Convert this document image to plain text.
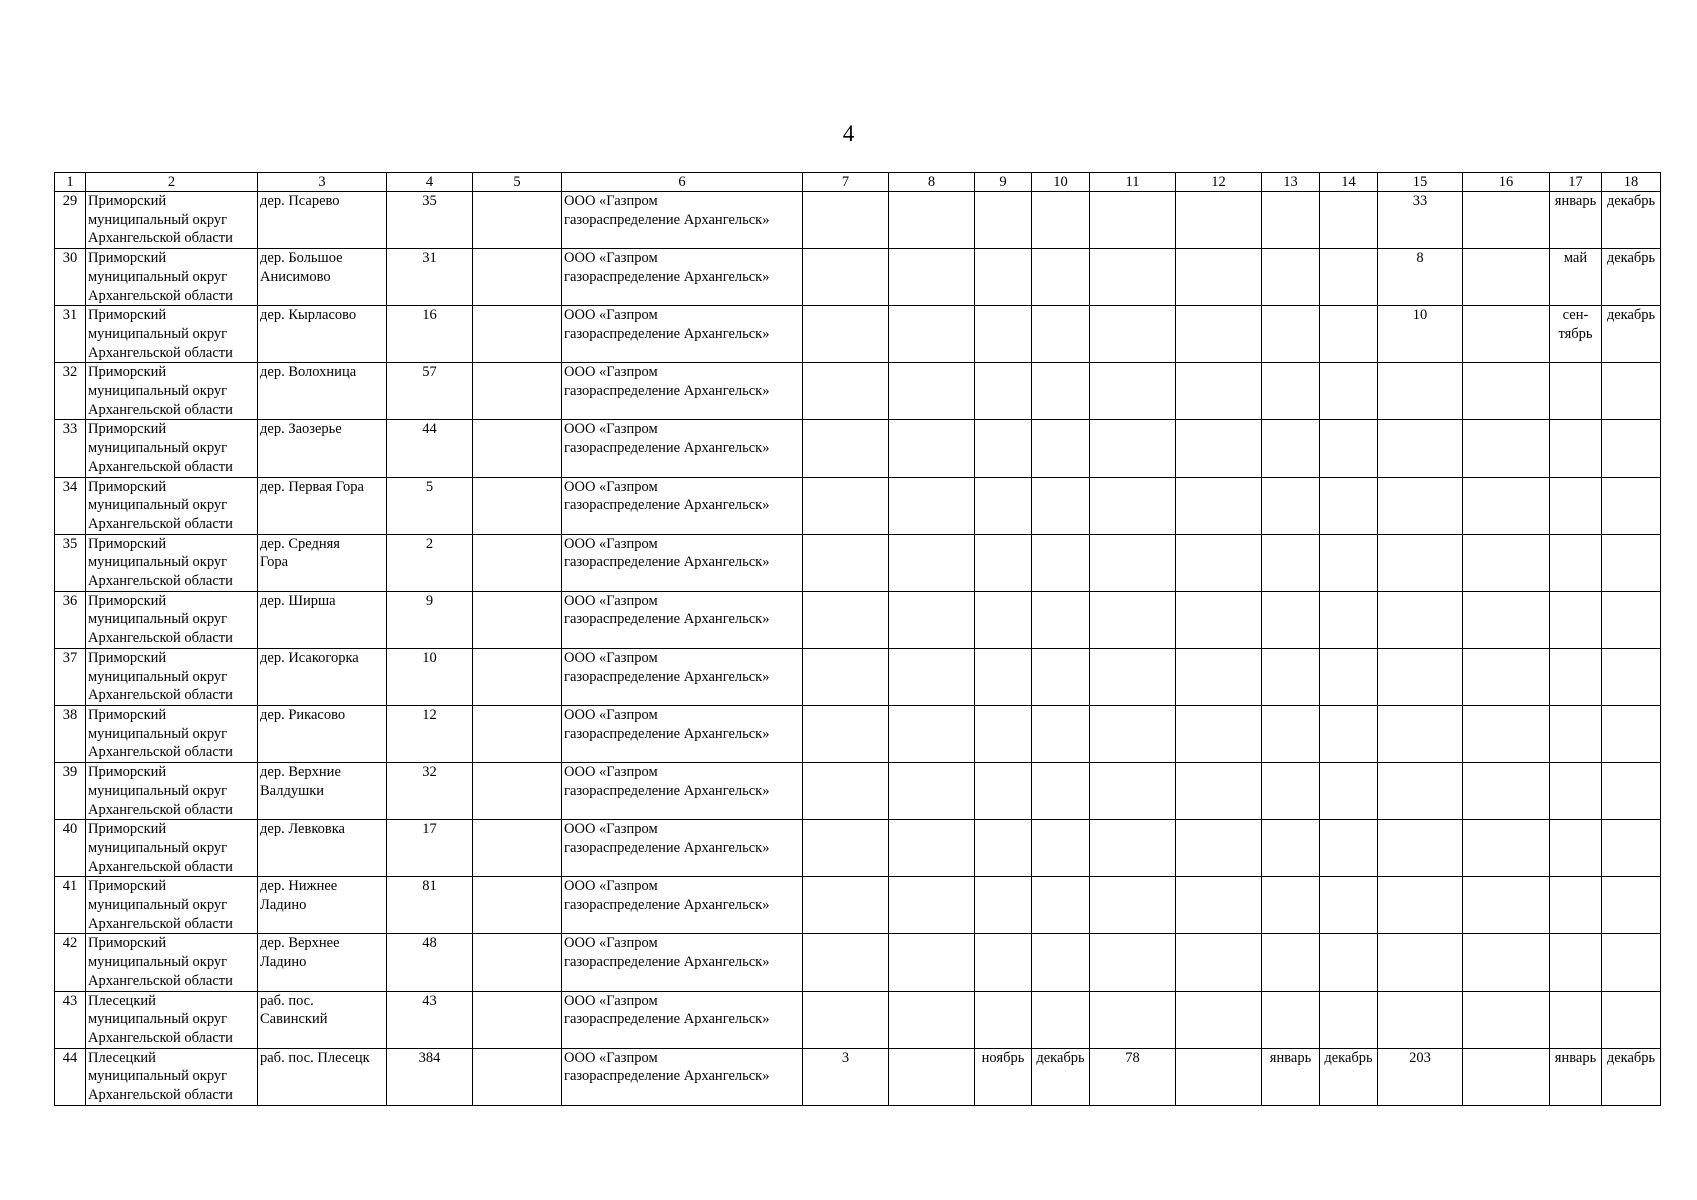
4
1	2	3	4	5	6	7	8	9	10	11	12	13	14	15	16	17	18
29	Приморский
муниципальный округ
Архангельской области	дер. Псарево	35		ООО «Газпром
газораспределение Архангельск»									33		январь	декабрь
30	Приморский
муниципальный округ
Архангельской области	дер. Большое
Анисимово	31		ООО «Газпром
газораспределение Архангельск»									8		май	декабрь
31	Приморский
муниципальный округ
Архангельской области	дер. Кырласово	16		ООО «Газпром
газораспределение Архангельск»									10		сен-
тябрь	декабрь
32	Приморский
муниципальный округ
Архангельской области	дер. Волохница	57		ООО «Газпром
газораспределение Архангельск»												
33	Приморский
муниципальный округ
Архангельской области	дер. Заозерье	44		ООО «Газпром
газораспределение Архангельск»												
34	Приморский
муниципальный округ
Архангельской области	дер. Первая Гора	5		ООО «Газпром
газораспределение Архангельск»												
35	Приморский
муниципальный округ
Архангельской области	дер. Средняя
Гора	2		ООО «Газпром
газораспределение Архангельск»												
36	Приморский
муниципальный округ
Архангельской области	дер. Ширша	9		ООО «Газпром
газораспределение Архангельск»												
37	Приморский
муниципальный округ
Архангельской области	дер. Исакогорка	10		ООО «Газпром
газораспределение Архангельск»												
38	Приморский
муниципальный округ
Архангельской области	дер. Рикасово	12		ООО «Газпром
газораспределение Архангельск»												
39	Приморский
муниципальный округ
Архангельской области	дер. Верхние
Валдушки	32		ООО «Газпром
газораспределение Архангельск»												
40	Приморский
муниципальный округ
Архангельской области	дер. Левковка	17		ООО «Газпром
газораспределение Архангельск»												
41	Приморский
муниципальный округ
Архангельской области	дер. Нижнее
Ладино	81		ООО «Газпром
газораспределение Архангельск»												
42	Приморский
муниципальный округ
Архангельской области	дер. Верхнее
Ладино	48		ООО «Газпром
газораспределение Архангельск»												
43	Плесецкий
муниципальный округ
Архангельской области	раб. пос.
Савинский	43		ООО «Газпром
газораспределение Архангельск»												
44	Плесецкий
муниципальный округ
Архангельской области	раб. пос. Плесецк	384		ООО «Газпром
газораспределение Архангельск»	3		ноябрь	декабрь	78		январь	декабрь	203		январь	декабрь
